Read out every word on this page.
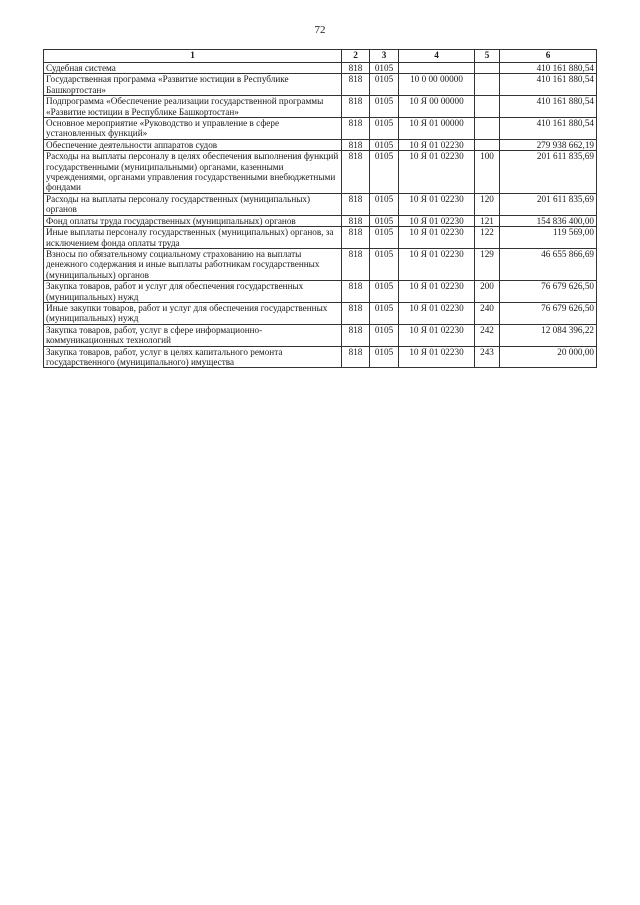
72
1	2	3	4	5	6
Судебная система	818	0105			410 161 880,54
Государственная программа «Развитие юстиции в Республике Башкортостан»	818	0105	10 0 00 00000		410 161 880,54
Подпрограмма «Обеспечение реализации государственной программы «Развитие юстиции в Республике Башкортостан»	818	0105	10 Я 00 00000		410 161 880,54
Основное мероприятие «Руководство и управление в сфере установленных функций»	818	0105	10 Я 01 00000		410 161 880,54
Обеспечение деятельности аппаратов судов	818	0105	10 Я 01 02230		279 938 662,19
Расходы на выплаты персоналу в целях обеспечения выполнения функций государственными (муниципальными) органами, казенными учреждениями, органами управления государственными внебюджетными фондами	818	0105	10 Я 01 02230	100	201 611 835,69
Расходы на выплаты персоналу государственных (муниципальных) органов	818	0105	10 Я 01 02230	120	201 611 835,69
Фонд оплаты труда государственных (муниципальных) органов	818	0105	10 Я 01 02230	121	154 836 400,00
Иные выплаты персоналу государственных (муниципальных) органов, за исключением фонда оплаты труда	818	0105	10 Я 01 02230	122	119 569,00
Взносы по обязательному социальному страхованию на выплаты денежного содержания и иные выплаты работникам государственных (муниципальных) органов	818	0105	10 Я 01 02230	129	46 655 866,69
Закупка товаров, работ и услуг для обеспечения государственных (муниципальных) нужд	818	0105	10 Я 01 02230	200	76 679 626,50
Иные закупки товаров, работ и услуг для обеспечения государственных (муниципальных) нужд	818	0105	10 Я 01 02230	240	76 679 626,50
Закупка товаров, работ, услуг в сфере информационно-коммуникационных технологий	818	0105	10 Я 01 02230	242	12 084 396,22
Закупка товаров, работ, услуг в целях капитального ремонта государственного (муниципального) имущества	818	0105	10 Я 01 02230	243	20 000,00
